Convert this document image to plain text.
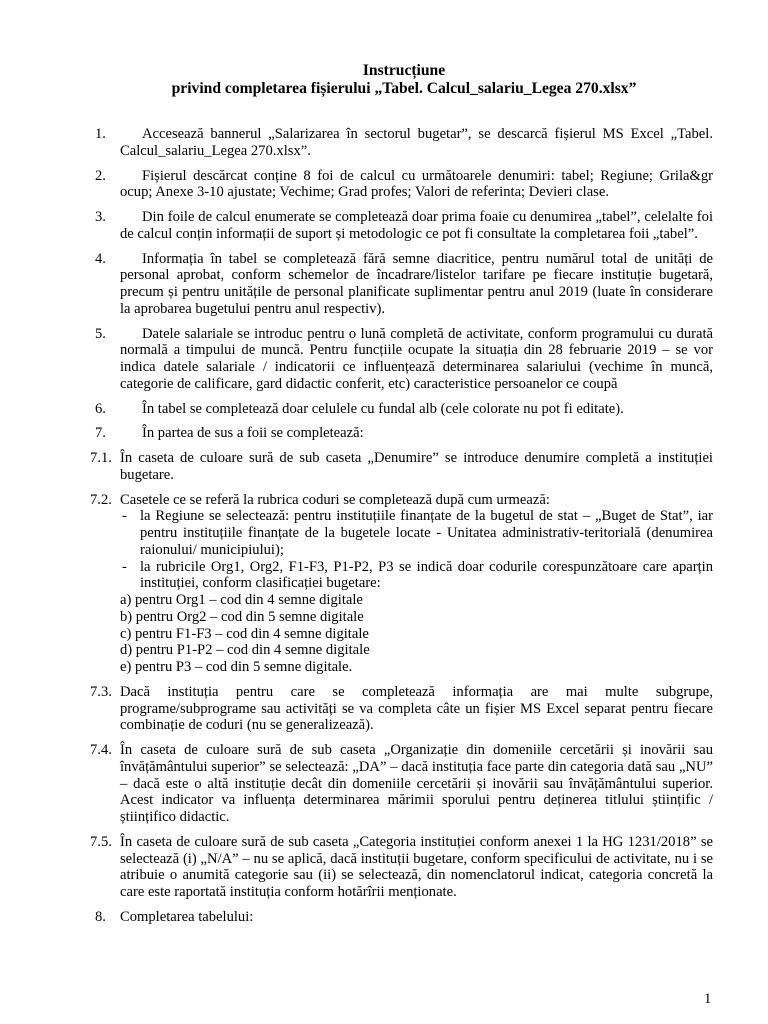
Instrucțiune
privind completarea fișierului „Tabel. Calcul_salariu_Legea 270.xlsx”
1.	Accesează bannerul „Salarizarea în sectorul bugetar”, se descarcă fișierul MS Excel „Tabel. Calcul_salariu_Legea 270.xlsx”.
2.	Fișierul descărcat conține 8 foi de calcul cu următoarele denumiri: tabel; Regiune; Grila&gr ocup; Anexe 3-10 ajustate; Vechime; Grad profes; Valori de referinta; Devieri clase.
3.	Din foile de calcul enumerate se completează doar prima foaie cu denumirea „tabel”, celelalte foi de calcul conțin informații de suport și metodologic ce pot fi consultate la completarea foii „tabel”.
4.	Informația în tabel se completează fără semne diacritice, pentru numărul total de unități de personal aprobat, conform schemelor de încadrare/listelor tarifare pe fiecare instituție bugetară, precum și pentru unitățile de personal planificate suplimentar pentru anul 2019 (luate în considerare la aprobarea bugetului pentru anul respectiv).
5.	Datele salariale se introduc pentru o lună completă de activitate, conform programului cu durată normală a timpului de muncă. Pentru funcțiile ocupate la situația din 28 februarie 2019 – se vor indica datele salariale / indicatorii ce influențează determinarea salariului (vechime în muncă, categorie de calificare, gard didactic conferit, etc) caracteristice persoanelor ce coupă
6.	În tabel se completează doar celulele cu fundal alb (cele colorate nu pot fi editate).
7.	În partea de sus a foii se completează:
7.1. În caseta de culoare sură de sub caseta „Denumire” se introduce denumire completă a instituției bugetare.
7.2. Casetele ce se referă la rubrica coduri se completează după cum urmează:
- la Regiune se selectează: pentru instituțiile finanțate de la bugetul de stat – „Buget de Stat”, iar pentru instituțiile finanțate de la bugetele locate - Unitatea administrativ-teritorială (denumirea raionului/ municipiului);
- la rubricile Org1, Org2, F1-F3, P1-P2, P3 se indică doar codurile corespunzătoare care aparțin instituției, conform clasificației bugetare:
a) pentru Org1 – cod din 4 semne digitale
b) pentru Org2 – cod din 5 semne digitale
c) pentru F1-F3 – cod din 4 semne digitale
d) pentru P1-P2 – cod din 4 semne digitale
e) pentru P3 – cod din 5 semne digitale.
7.3. Dacă instituția pentru care se completează informația are mai multe subgrupe, programe/subprograme sau activități se va completa câte un fișier MS Excel separat pentru fiecare combinație de coduri (nu se generalizează).
7.4. În caseta de culoare sură de sub caseta „Organizație din domeniile cercetării și inovării sau învățământului superior” se selectează: „DA” – dacă instituția face parte din categoria dată sau „NU” – dacă este o altă instituție decât din domeniile cercetării și inovării sau învățământului superior. Acest indicator va influența determinarea mărimii sporului pentru deținerea titlului științific / științifico didactic.
7.5. În caseta de culoare sură de sub caseta „Categoria instituției conform anexei 1 la HG 1231/2018” se selectează (i) „N/A” – nu se aplică, dacă instituții bugetare, conform specificului de activitate, nu i se atribuie o anumită categorie sau (ii) se selectează, din nomenclatorul indicat, categoria concretă la care este raportată instituția conform hotărîrii menționate.
8. Completarea tabelului:
1
